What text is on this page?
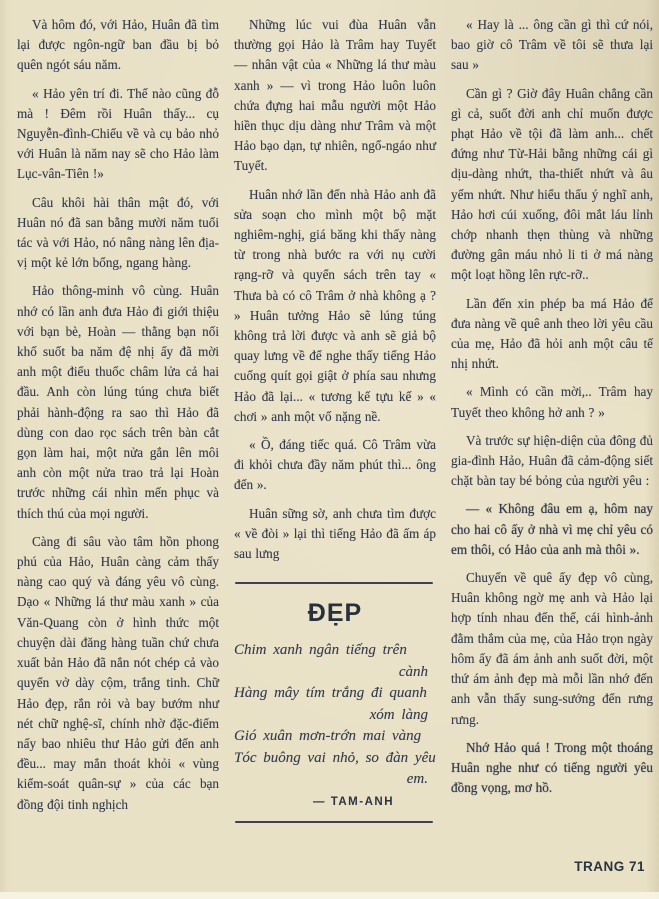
Và hôm đó, với Hảo, Huân đã tìm lại được ngôn-ngữ ban đầu bị bỏ quên ngót sáu năm.

« Hảo yên trí đi. Thế nào cũng đỗ mà ! Đêm rồi Huân thấy... cụ Nguyễn-đình-Chiểu về và cụ bảo nhỏ với Huân là năm nay sẽ cho Hảo làm Lục-vân-Tiên !»

Câu khôi hài thân mật đó, với Huân nó đã san bằng mười năm tuổi tác và với Hảo, nó nâng nàng lên địa-vị một kẻ lớn bổng, ngang hàng.

Hảo thông-minh vô cùng. Huân nhớ có lần anh đưa Hảo đi giới thiệu với bạn bè, Hoàn — thằng bạn nối khố suốt ba năm đệ nhị ấy đã mời anh một điếu thuốc châm lửa cả hai đầu. Anh còn lúng túng chưa biết phải hành-động ra sao thì Hảo đã dùng con dao rọc sách trên bàn cắt gọn làm hai, một nửa gắn lên môi anh còn một nửa trao trả lại Hoàn trước những cái nhìn mến phục và thích thú của mọi người.

Càng đi sâu vào tâm hồn phong phú của Hảo, Huân càng cảm thấy nàng cao quý và đáng yêu vô cùng. Dạo « Những lá thư màu xanh » của Văn-Quang còn ở hình thức một chuyện dài đăng hàng tuần chứ chưa xuất bản Hảo đã nắn nót chép cả vào quyển vở dày cộm, trắng tinh. Chữ Hảo đẹp, rắn rỏi và bay bướm như nét chữ nghệ-sĩ, chính nhờ đặc-điểm nấy bao nhiêu thư Hảo gửi đến anh đều... may mắn thoát khỏi « vùng kiểm-soát quân-sự » của các bạn đồng đội tinh nghịch

Những lúc vui đùa Huân vẫn thường gọi Hảo là Trâm hay Tuyết — nhân vật của « Những lá thư màu xanh » — vì trong Hảo luôn luôn chứa đựng hai mẫu người một Hảo hiền thục dịu dàng như Trâm và một Hảo bạo dạn, tự nhiên, ngổ-ngáo như Tuyết.

Huân nhớ lần đến nhà Hảo anh đã sửa soạn cho mình một bộ mặt nghiêm-nghị, giá băng khi thấy nàng từ trong nhà bước ra với nụ cười rạng-rỡ và quyển sách trên tay « Thưa bà có cô Trâm ở nhà không ạ ? » Huân tưởng Hảo sẽ lúng túng không trả lời được và anh sẽ giả bộ quay lưng về để nghe thấy tiếng Hảo cuống quít gọi giật ở phía sau nhưng Hảo đã lại... « tương kế tựu kế » « chơi » anh một vố nặng nề.

« Ồ, đáng tiếc quá. Cô Trâm vừa đi khỏi chưa đầy năm phút thì... ông đến ».

Huân sững sờ, anh chưa tìm được « về đòi » lại thì tiếng Hảo đã ấm áp sau lưng

ĐẸP
Chim xanh ngân tiếng trên
cành
Hàng mây tím trắng đi quanh
xóm làng
Gió xuân mơn-trớn mai vàng
Tóc buông vai nhỏ, so đàn yêu
em.
— TAM-ANH

« Hay là ... ông cần gì thì cứ nói, bao giờ cô Trâm về tôi sẽ thưa lại sau »

Cần gì ? Giờ đây Huân chẳng cần gì cả, suốt đời anh chỉ muốn được phạt Hảo về tội đã làm anh... chết đứng như Từ-Hải bằng những cái gì dịu-dàng nhứt, tha-thiết nhứt và âu yếm nhứt. Như hiểu thấu ý nghĩ anh, Hảo hơi cúi xuống, đôi mắt láu lỉnh chớp nhanh thẹn thùng và những đường gân máu nhỏ li ti ở má nàng một loạt hồng lên rực-rỡ..

Lần đến xin phép ba má Hảo để đưa nàng về quê anh theo lời yêu cầu của mẹ, Hảo đã hỏi anh một câu tế nhị nhứt.

« Mình có cần mời,.. Trâm hay Tuyết theo không hở anh ? »

Và trước sự hiện-diện của đông đủ gia-đình Hảo, Huân đã cảm-động siết chặt bàn tay bé bỏng của người yêu :

— « Không đâu em ạ, hôm nay cho hai cô ấy ở nhà vì mẹ chỉ yêu có em thôi, có Hảo của anh mà thôi ».

Chuyến về quê ấy đẹp vô cùng, Huân không ngờ mẹ anh và Hảo lại hợp tính nhau đến thế, cái hình-ảnh đằm thắm của mẹ, của Hảo trọn ngày hôm ấy đã ám ảnh anh suốt đời, một thứ ám ảnh đẹp mà mỗi lần nhớ đến anh vẫn thấy sung-sướng đến rưng rưng.

Nhớ Hảo quá ! Trong một thoáng Huân nghe như có tiếng người yêu đồng vọng, mơ hồ.

TRANG 71
